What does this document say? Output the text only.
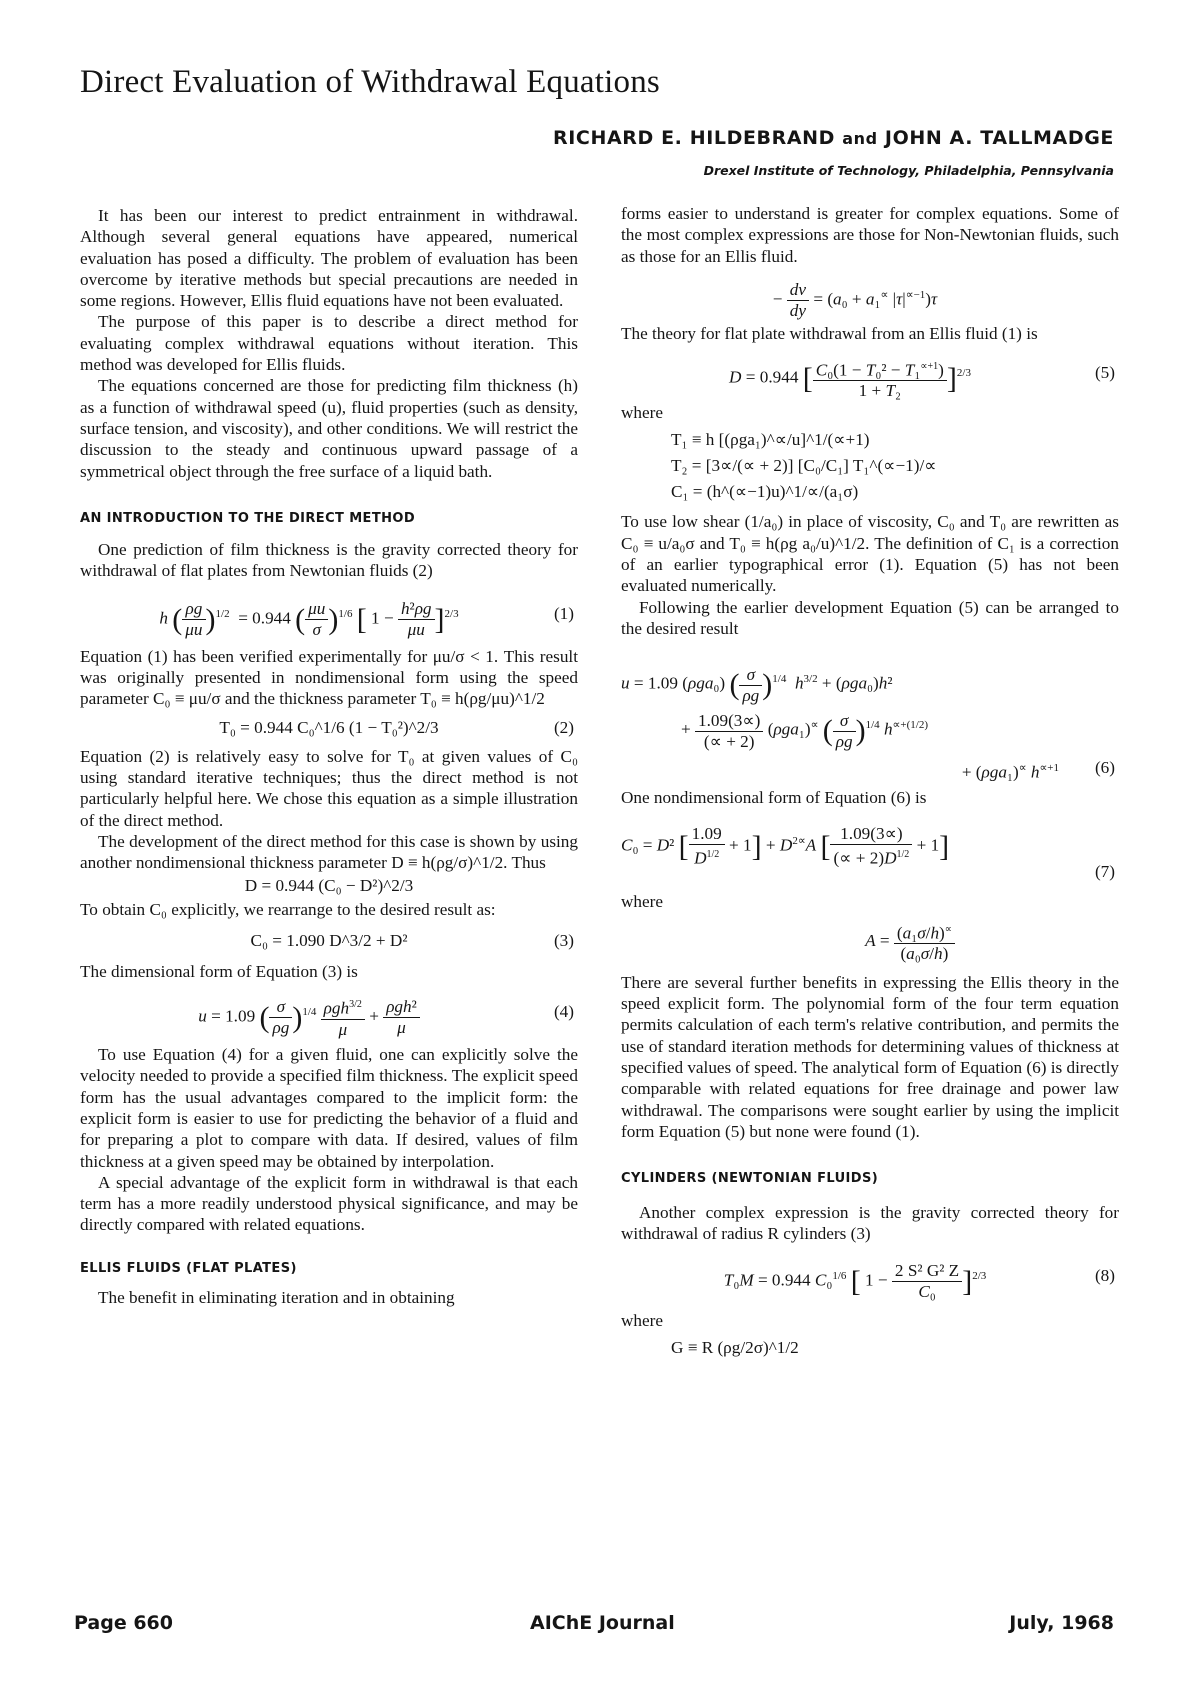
Direct Evaluation of Withdrawal Equations
RICHARD E. HILDEBRAND and JOHN A. TALLMADGE
Drexel Institute of Technology, Philadelphia, Pennsylvania

It has been our interest to predict entrainment in withdrawal. Although several general equations have appeared, numerical evaluation has posed a difficulty. The problem of evaluation has been overcome by iterative methods but special precautions are needed in some regions. However, Ellis fluid equations have not been evaluated.

The purpose of this paper is to describe a direct method for evaluating complex withdrawal equations without iteration. This method was developed for Ellis fluids.

The equations concerned are those for predicting film thickness (h) as a function of withdrawal speed (u), fluid properties (such as density, surface tension, and viscosity), and other conditions. We will restrict the discussion to the steady and continuous upward passage of a symmetrical object through the free surface of a liquid bath.

AN INTRODUCTION TO THE DIRECT METHOD

One prediction of film thickness is the gravity corrected theory for withdrawal of flat plates from Newtonian fluids (2)

h ( $\frac{\rho g}{\mu u} )^{1/2} = 0.944$ ( $\frac{\mu u}{\sigma} )^{1/6}$ [ $1 - \frac{\text{h²ρg}}{\mu u} ]^{2/3}$	(1)

Equation (1) has been verified experimentally for μu/σ < 1. This result was originally presented in nondimensional form using the speed parameter C₀ ≡ μu/σ and the thickness parameter T₀ ≡ h(ρg/μu)^1/2

T₀ = 0.944 C₀^1/6 (1 − T₀²)^2/3	(2)

Equation (2) is relatively easy to solve for T₀ at given values of C₀ using standard iterative techniques; thus the direct method is not particularly helpful here. We chose this equation as a simple illustration of the direct method.

The development of the direct method for this case is shown by using another nondimensional thickness parameter D ≡ h(ρg/σ)^1/2. Thus

D = 0.944 (C₀ − D²)^2/3

To obtain C₀ explicitly, we rearrange to the desired result as:

C₀ = 1.090 D^3/2 + D²	(3)

The dimensional form of Equation (3) is

u = 1.09 ( $\frac{\sigma}{\rho g} )^{1/4} \frac{\rho gh^{3/2}}{\mu} + \frac{\text{ρgh²}}{\mu}$	(4)

To use Equation (4) for a given fluid, one can explicitly solve the velocity needed to provide a specified film thickness. The explicit speed form has the usual advantages compared to the implicit form: the explicit form is easier to use for predicting the behavior of a fluid and for preparing a plot to compare with data. If desired, values of film thickness at a given speed may be obtained by interpolation.

A special advantage of the explicit form in withdrawal is that each term has a more readily understood physical significance, and may be directly compared with related equations.

ELLIS FLUIDS (FLAT PLATES)

The benefit in eliminating iteration and in obtaining

forms easier to understand is greater for complex equations. Some of the most complex expressions are those for Non-Newtonian fluids, such as those for an Ellis fluid.

− $\frac{dv}{dy} = (a_0 + a_1^\propto$ $|\tau|^{\propto-1})\tau$

The theory for flat plate withdrawal from an Ellis fluid (1) is

D = 0.944 [ $\frac{C_0(1 - T_0^2 - T_1^{\propto+1})}{\text{1 + T₂}} ]^{2/3}$	(5)

where

T₁ ≡ h [(ρga₁)^∝/u]^1/(∝+1)
T₂ = [3∝/(∝ + 2)] [C₀/C₁] T₁^(∝−1)/∝
C₁ = (h^(∝−1)u)^1/∝/(a₁σ)

To use low shear (1/a₀) in place of viscosity, C₀ and T₀ are rewritten as C₀ ≡ u/a₀σ and T₀ ≡ h(ρg a₀/u)^1/2. The definition of C₁ is a correction of an earlier typographical error (1). Equation (5) has not been evaluated numerically.

Following the earlier development Equation (5) can be arranged to the desired result

u = 1.09 (ρga₀) ( $\frac{\sigma}{\rho g} )^{1/4}$ $h^{3/2} + (\rho ga_0)h^2$
+ $\frac{1.09(3\propto)}{(\propto + 2)} (\rho ga_1)^\propto$ ( $\frac{\sigma}{\rho g} )^{1/4}$ $h^{\propto+(1/2)}$
+ (ρga₁)∝ $h^{\propto+1}$ (6)

One nondimensional form of Equation (6) is

C₀ = D² [ $\frac{1.09}{D^{1/2}} + 1] + D^{2\propto}A$ [ $\frac{1.09(3\propto)}{(\propto + 2)D^{1/2}} + 1$]
(7)

where

$A = \frac{(a_1\sigma/h)^\propto}{\text{(a₀σ/h)}}$

There are several further benefits in expressing the Ellis theory in the speed explicit form. The polynomial form of the four term equation permits calculation of each term's relative contribution, and permits the use of standard iteration methods for determining values of thickness at specified values of speed. The analytical form of Equation (6) is directly comparable with related equations for free drainage and power law withdrawal. The comparisons were sought earlier by using the implicit form Equation (5) but none were found (1).

CYLINDERS (NEWTONIAN FLUIDS)

Another complex expression is the gravity corrected theory for withdrawal of radius R cylinders (3)

T₀M = 0.944 C₀$^{1/6}$ [ $1 - \frac{\text{2 S² G² Z}}{\text{C₀}} ]^{2/3}$	(8)

where

G ≡ R (ρg/2σ)^1/2
Page 660	AIChE Journal	July, 1968
